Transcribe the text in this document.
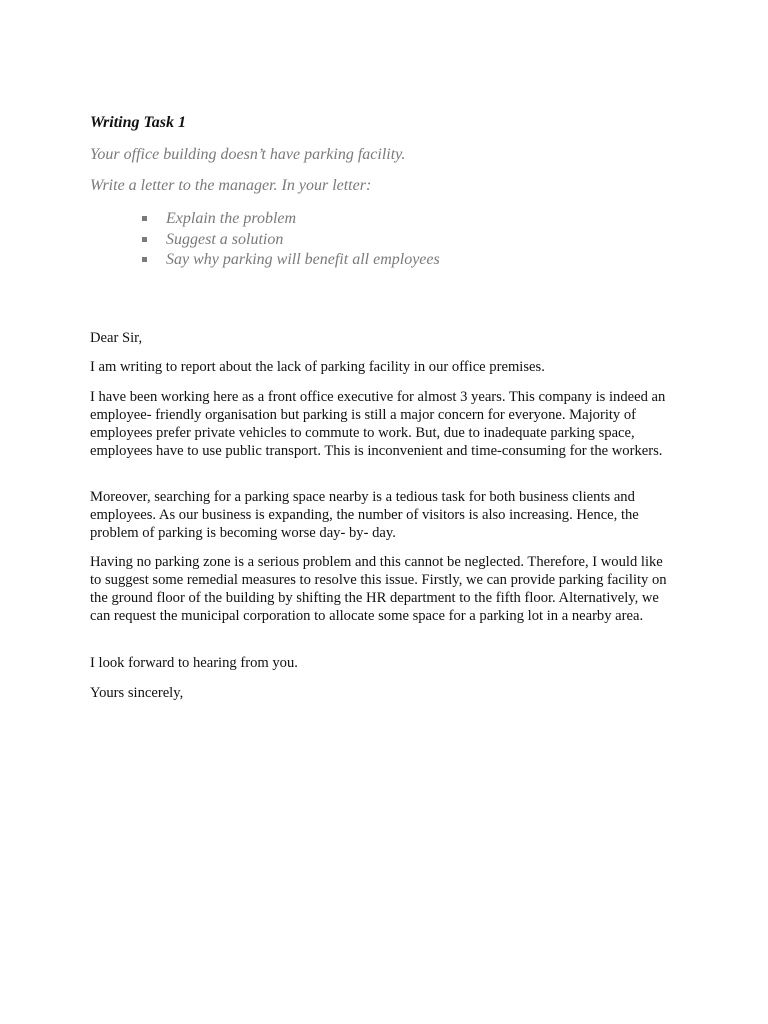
Writing Task 1
Your office building doesn’t have parking facility.
Write a letter to the manager. In your letter:
Explain the problem
Suggest a solution
Say why parking will benefit all employees

Dear Sir,

I am writing to report about the lack of parking facility in our office premises.

I have been working here as a front office executive for almost 3 years. This company is indeed an employee- friendly organisation but parking is still a major concern for everyone. Majority of employees prefer private vehicles to commute to work. But, due to inadequate parking space, employees have to use public transport. This is inconvenient and time-consuming for the workers.

Moreover, searching for a parking space nearby is a tedious task for both business clients and employees. As our business is expanding, the number of visitors is also increasing. Hence, the problem of parking is becoming worse day- by- day.

Having no parking zone is a serious problem and this cannot be neglected. Therefore, I would like to suggest some remedial measures to resolve this issue. Firstly, we can provide parking facility on the ground floor of the building by shifting the HR department to the fifth floor. Alternatively, we can request the municipal corporation to allocate some space for a parking lot in a nearby area.

I look forward to hearing from you.

Yours sincerely,
